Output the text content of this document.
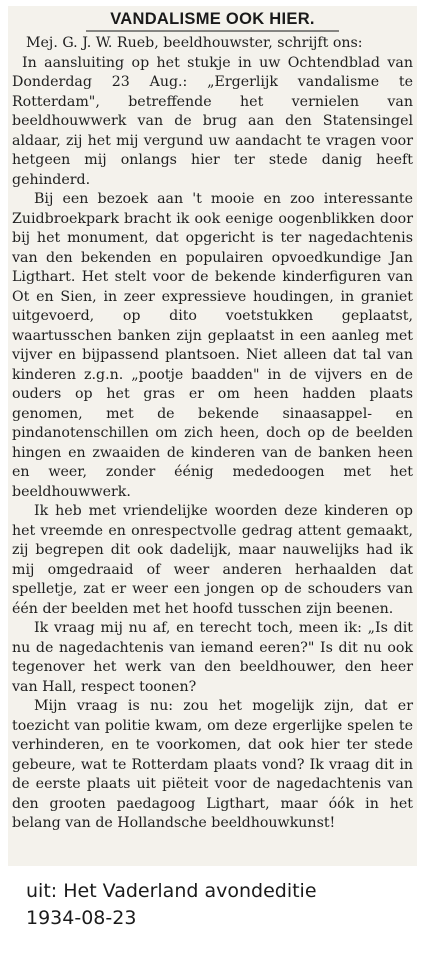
VANDALISME OOK HIER.

Mej. G. J. W. Rueb, beeldhouwster, schrijft ons:

In aansluiting op het stukje in uw Ochtendblad van Donderdag 23 Aug.: „Ergerlijk vandalisme te Rotterdam", betreffende het vernielen van beeldhouwwerk van de brug aan den Statensingel aldaar, zij het mij vergund uw aandacht te vragen voor hetgeen mij onlangs hier ter stede danig heeft gehinderd.

Bij een bezoek aan 't mooie en zoo interessante Zuidbroekpark bracht ik ook eenige oogenblikken door bij het monument, dat opgericht is ter nagedachtenis van den bekenden en populairen opvoedkundige Jan Ligthart. Het stelt voor de bekende kinderfiguren van Ot en Sien, in zeer expressieve houdingen, in graniet uitgevoerd, op dito voetstukken geplaatst, waartusschen banken zijn geplaatst in een aanleg met vijver en bijpassend plantsoen. Niet alleen dat tal van kinderen z.g.n. „pootje baadden" in de vijvers en de ouders op het gras er om heen hadden plaats genomen, met de bekende sinaasappel- en pindanotenschillen om zich heen, doch op de beelden hingen en zwaaiden de kinderen van de banken heen en weer, zonder éénig mededoogen met het beeldhouwwerk.

Ik heb met vriendelijke woorden deze kinderen op het vreemde en onrespectvolle gedrag attent gemaakt, zij begrepen dit ook dadelijk, maar nauwelijks had ik mij omgedraaid of weer anderen herhaalden dat spelletje, zat er weer een jongen op de schouders van één der beelden met het hoofd tusschen zijn beenen.

Ik vraag mij nu af, en terecht toch, meen ik: „Is dit nu de nagedachtenis van iemand eeren?" Is dit nu ook tegenover het werk van den beeldhouwer, den heer van Hall, respect toonen?

Mijn vraag is nu: zou het mogelijk zijn, dat er toezicht van politie kwam, om deze ergerlijke spelen te verhinderen, en te voorkomen, dat ook hier ter stede gebeure, wat te Rotterdam plaats vond? Ik vraag dit in de eerste plaats uit piëteit voor de nagedachtenis van den grooten paedagoog Ligthart, maar óók in het belang van de Hollandsche beeldhouwkunst!

uit: Het Vaderland avondeditie
1934-08-23
